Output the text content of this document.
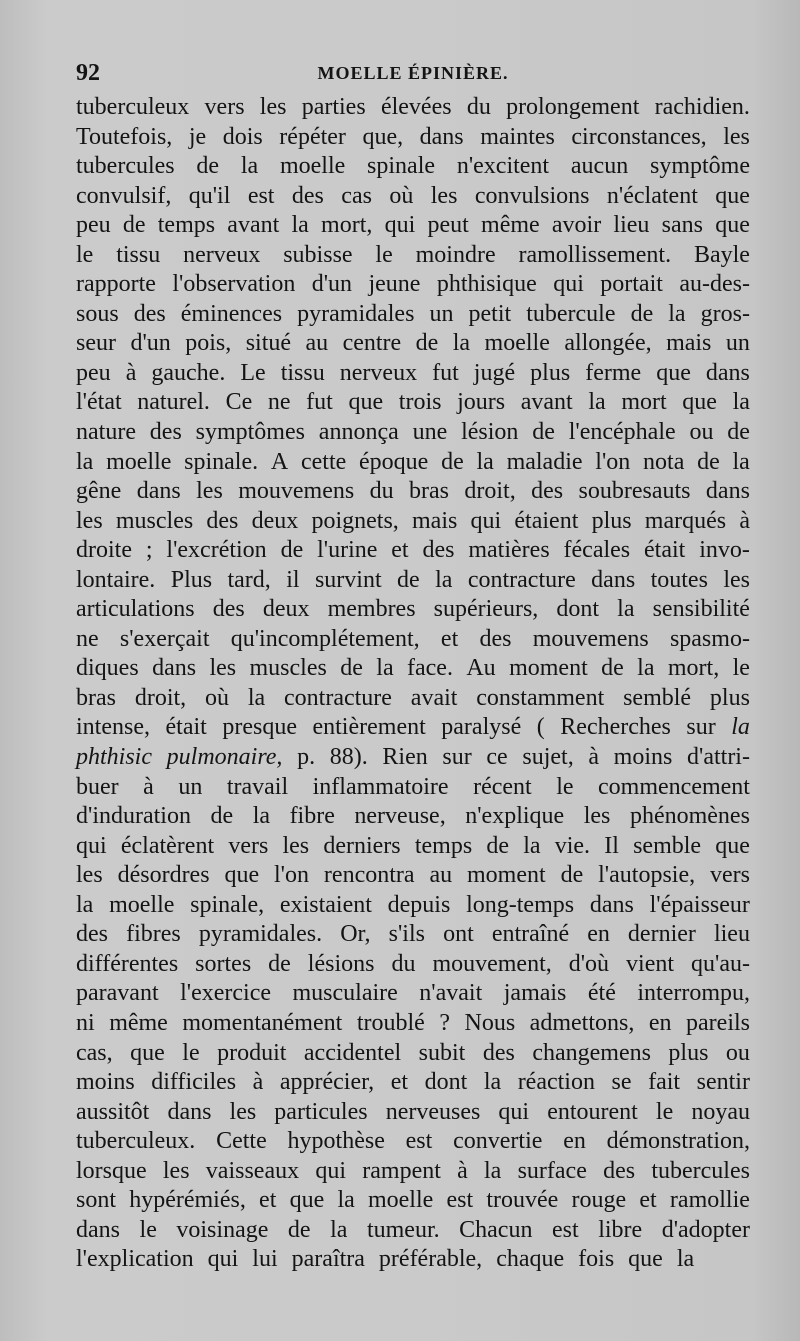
92	MOELLE ÉPINIÈRE.
tuberculeux vers les parties élevées du prolongement rachidien.
Toutefois, je dois répéter que, dans maintes circonstances, les
tubercules de la moelle spinale n'excitent aucun symptôme
convulsif, qu'il est des cas où les convulsions n'éclatent que
peu de temps avant la mort, qui peut même avoir lieu sans que
le tissu nerveux subisse le moindre ramollissement. Bayle
rapporte l'observation d'un jeune phthisique qui portait au-des-
sous des éminences pyramidales un petit tubercule de la gros-
seur d'un pois, situé au centre de la moelle allongée, mais un
peu à gauche. Le tissu nerveux fut jugé plus ferme que dans
l'état naturel. Ce ne fut que trois jours avant la mort que la
nature des symptômes annonça une lésion de l'encéphale ou de
la moelle spinale. A cette époque de la maladie l'on nota de la
gêne dans les mouvemens du bras droit, des soubresauts dans
les muscles des deux poignets, mais qui étaient plus marqués à
droite ; l'excrétion de l'urine et des matières fécales était invo-
lontaire. Plus tard, il survint de la contracture dans toutes les
articulations des deux membres supérieurs, dont la sensibilité
ne s'exerçait qu'incomplétement, et des mouvemens spasmo-
diques dans les muscles de la face. Au moment de la mort, le
bras droit, où la contracture avait constamment semblé plus
intense, était presque entièrement paralysé ( Recherches sur la
phthisic pulmonaire, p. 88). Rien sur ce sujet, à moins d'attri-
buer à un travail inflammatoire récent le commencement
d'induration de la fibre nerveuse, n'explique les phénomènes
qui éclatèrent vers les derniers temps de la vie. Il semble que
les désordres que l'on rencontra au moment de l'autopsie, vers
la moelle spinale, existaient depuis long-temps dans l'épaisseur
des fibres pyramidales. Or, s'ils ont entraîné en dernier lieu
différentes sortes de lésions du mouvement, d'où vient qu'au-
paravant l'exercice musculaire n'avait jamais été interrompu,
ni même momentanément troublé ? Nous admettons, en pareils
cas, que le produit accidentel subit des changemens plus ou
moins difficiles à apprécier, et dont la réaction se fait sentir
aussitôt dans les particules nerveuses qui entourent le noyau
tuberculeux. Cette hypothèse est convertie en démonstration,
lorsque les vaisseaux qui rampent à la surface des tubercules
sont hypérémiés, et que la moelle est trouvée rouge et ramollie
dans le voisinage de la tumeur. Chacun est libre d'adopter
l'explication qui lui paraîtra préférable, chaque fois que la
